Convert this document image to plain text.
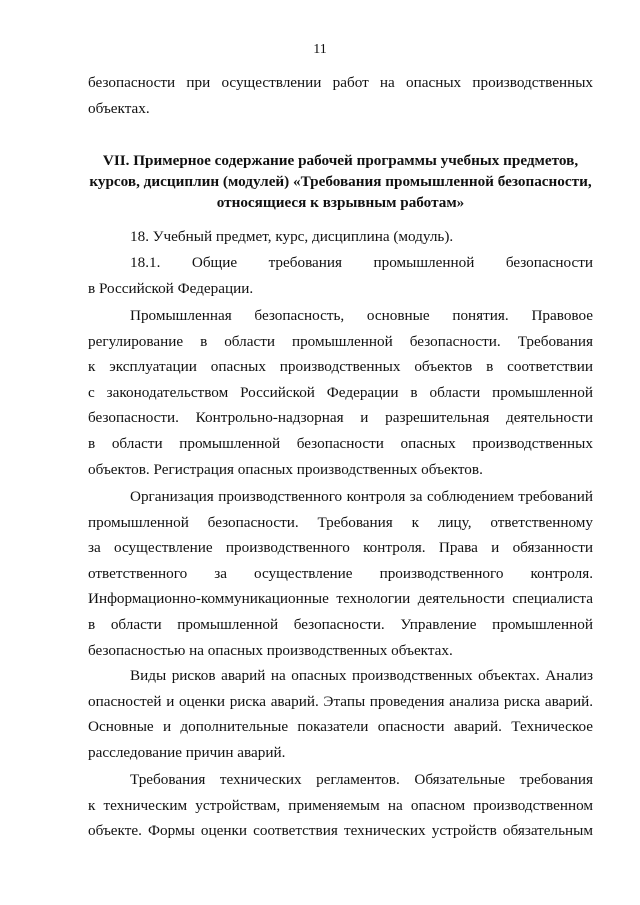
11
безопасности при осуществлении работ на опасных производственных
объектах.
VII. Примерное содержание рабочей программы учебных предметов,
курсов, дисциплин (модулей) «Требования промышленной безопасности,
относящиеся к взрывным работам»
18. Учебный предмет, курс, дисциплина (модуль).
18.1.      Общие      требования      промышленной      безопасности
в Российской Федерации.
Промышленная безопасность, основные понятия. Правовое
регулирование в области промышленной безопасности. Требования
к эксплуатации опасных производственных объектов в соответствии
с законодательством Российской Федерации в области промышленной
безопасности. Контрольно-надзорная и разрешительная деятельности
в области промышленной безопасности опасных производственных
объектов. Регистрация опасных производственных объектов.
Организация производственного контроля за соблюдением требований
промышленной безопасности. Требования к лицу, ответственному
за осуществление производственного контроля. Права и обязанности
ответственного за осуществление производственного контроля.
Информационно-коммуникационные технологии деятельности специалиста
в области промышленной безопасности. Управление промышленной
безопасностью на опасных производственных объектах.
Виды рисков аварий на опасных производственных объектах. Анализ
опасностей и оценки риска аварий. Этапы проведения анализа риска аварий.
Основные и дополнительные показатели опасности аварий. Техническое
расследование причин аварий.
Требования технических регламентов. Обязательные требования
к техническим устройствам, применяемым на опасном производственном
объекте. Формы оценки соответствия технических устройств обязательным
